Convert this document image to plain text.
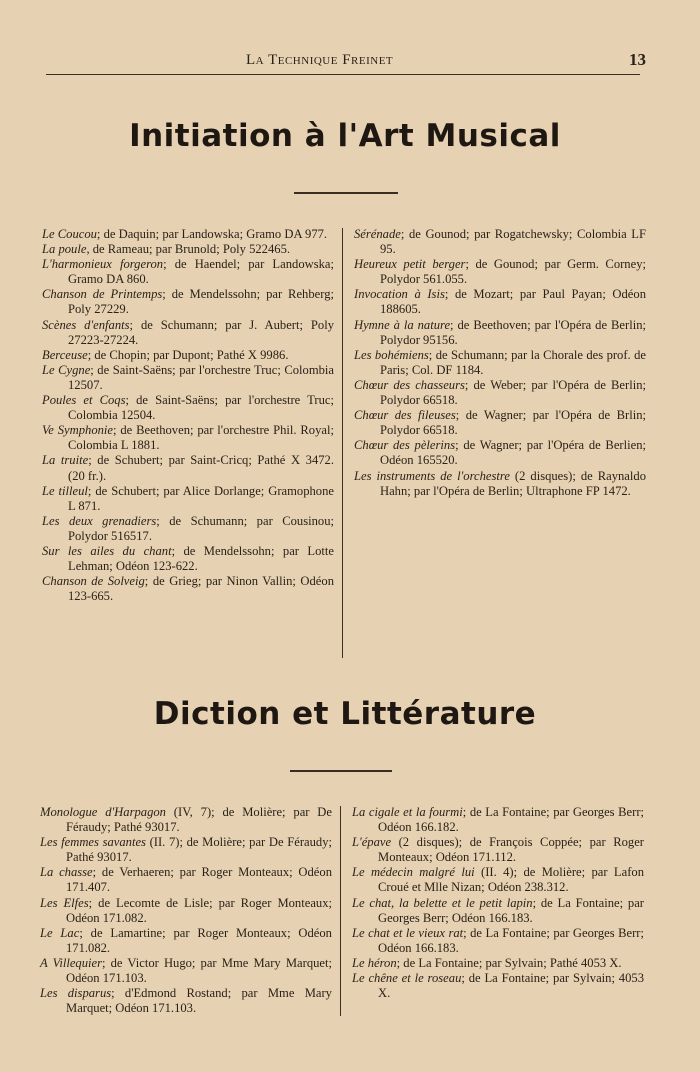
La Technique Freinet	13
Initiation à l'Art Musical
Le Coucou; de Daquin; par Landowska; Gramo DA 977.
La poule, de Rameau; par Brunold; Poly 522465.
L'harmonieux forgeron; de Haendel; par Landowska; Gramo DA 860.
Chanson de Printemps; de Mendelssohn; par Rehberg; Poly 27229.
Scènes d'enfants; de Schumann; par J. Aubert; Poly 27223-27224.
Berceuse; de Chopin; par Dupont; Pathé X 9986.
Le Cygne; de Saint-Saëns; par l'orchestre Truc; Colombia 12507.
Poules et Coqs; de Saint-Saëns; par l'orchestre Truc; Colombia 12504.
Ve Symphonie; de Beethoven; par l'orchestre Phil. Royal; Colombia L 1881.
La truite; de Schubert; par Saint-Cricq; Pathé X 3472. (20 fr.).
Le tilleul; de Schubert; par Alice Dorlange; Gramophone L 871.
Les deux grenadiers; de Schumann; par Cousinou; Polydor 516517.
Sur les ailes du chant; de Mendelssohn; par Lotte Lehman; Odéon 123-622.
Chanson de Solveig; de Grieg; par Ninon Vallin; Odéon 123-665.
Sérénade; de Gounod; par Rogatchewsky; Colombia LF 95.
Heureux petit berger; de Gounod; par Germ. Corney; Polydor 561.055.
Invocation à Isis; de Mozart; par Paul Payan; Odéon 188605.
Hymne à la nature; de Beethoven; par l'Opéra de Berlin; Polydor 95156.
Les bohémiens; de Schumann; par la Chorale des prof. de Paris; Col. DF 1184.
Chœur des chasseurs; de Weber; par l'Opéra de Berlin; Polydor 66518.
Chœur des fileuses; de Wagner; par l'Opéra de Brlin; Polydor 66518.
Chœur des pèlerins; de Wagner; par l'Opéra de Berlien; Odéon 165520.
Les instruments de l'orchestre (2 disques); de Raynaldo Hahn; par l'Opéra de Berlin; Ultraphone FP 1472.
Diction et Littérature
Monologue d'Harpagon (IV, 7); de Molière; par De Féraudy; Pathé 93017.
Les femmes savantes (II. 7); de Molière; par De Féraudy; Pathé 93017.
La chasse; de Verhaeren; par Roger Monteaux; Odéon 171.407.
Les Elfes; de Lecomte de Lisle; par Roger Monteaux; Odéon 171.082.
Le Lac; de Lamartine; par Roger Monteaux; Odéon 171.082.
A Villequier; de Victor Hugo; par Mme Mary Marquet; Odéon 171.103.
Les disparus; d'Edmond Rostand; par Mme Mary Marquet; Odéon 171.103.
La cigale et la fourmi; de La Fontaine; par Georges Berr; Odéon 166.182.
L'épave (2 disques); de François Coppée; par Roger Monteaux; Odéon 171.112.
Le médecin malgré lui (II. 4); de Molière; par Lafon Croué et Mlle Nizan; Odéon 238.312.
Le chat, la belette et le petit lapin; de La Fontaine; par Georges Berr; Odéon 166.183.
Le chat et le vieux rat; de La Fontaine; par Georges Berr; Odéon 166.183.
Le héron; de La Fontaine; par Sylvain; Pathé 4053 X.
Le chêne et le roseau; de La Fontaine; par Sylvain; 4053 X.
